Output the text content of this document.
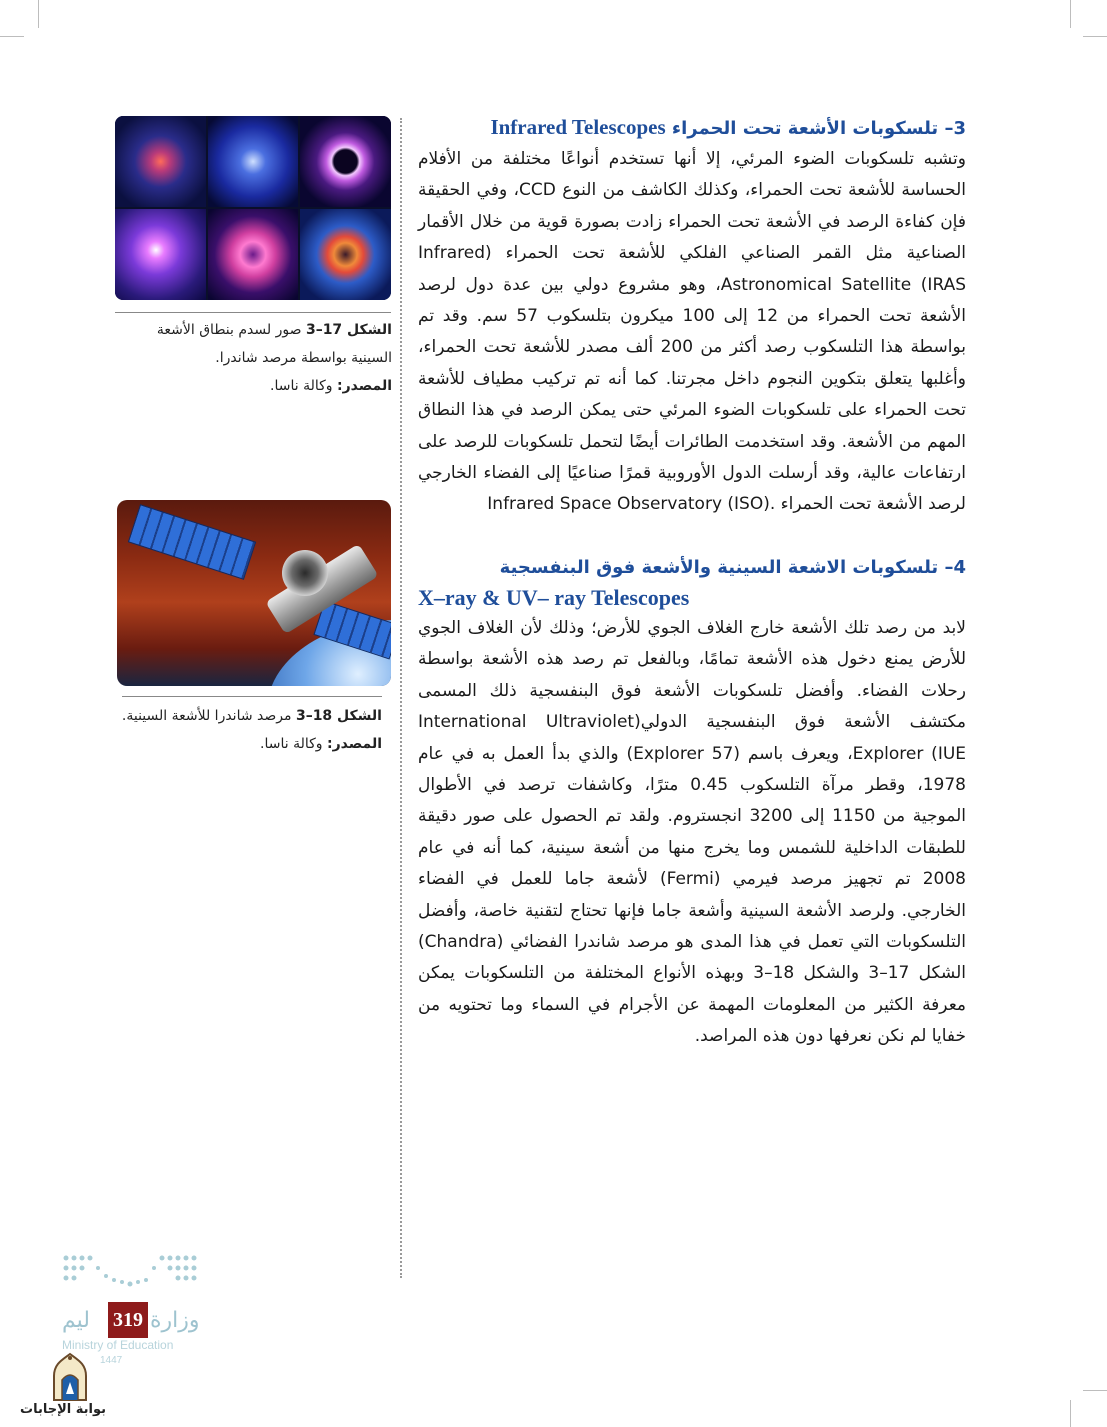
3– تلسكوبات الأشعة تحت الحمراء Infrared Telescopes

وتشبه تلسكوبات الضوء المرئي، إلا أنها تستخدم أنواعًا مختلفة من الأفلام الحساسة للأشعة تحت الحمراء، وكذلك الكاشف من النوع CCD، وفي الحقيقة فإن كفاءة الرصد في الأشعة تحت الحمراء زادت بصورة قوية من خلال الأقمار الصناعية مثل القمر الصناعي الفلكي للأشعة تحت الحمراء (Infrared Astronomical Satellite (IRAS، وهو مشروع دولي بين عدة دول لرصد الأشعة تحت الحمراء من 12 إلى 100 ميكرون بتلسكوب 57 سم. وقد تم بواسطة هذا التلسكوب رصد أكثر من 200 ألف مصدر للأشعة تحت الحمراء، وأغلبها يتعلق بتكوين النجوم داخل مجرتنا. كما أنه تم تركيب مطياف للأشعة تحت الحمراء على تلسكوبات الضوء المرئي حتى يمكن الرصد في هذا النطاق المهم من الأشعة. وقد استخدمت الطائرات أيضًا لتحمل تلسكوبات للرصد على ارتفاعات عالية، وقد أرسلت الدول الأوروبية قمرًا صناعيًا إلى الفضاء الخارجي لرصد الأشعة تحت الحمراء .Infrared Space Observatory (ISO)

4– تلسكوبات الاشعة السينية والأشعة فوق البنفسجية
X–ray & UV– ray Telescopes

لابد من رصد تلك الأشعة خارج الغلاف الجوي للأرض؛ وذلك لأن الغلاف الجوي للأرض يمنع دخول هذه الأشعة تمامًا، وبالفعل تم رصد هذه الأشعة بواسطة رحلات الفضاء. وأفضل تلسكوبات الأشعة فوق البنفسجية ذلك المسمى مكتشف الأشعة فوق البنفسجية الدولي(International Ultraviolet Explorer (IUE، ويعرف باسم (Explorer 57) والذي بدأ العمل به في عام 1978، وقطر مرآة التلسكوب 0.45 مترًا، وكاشفات ترصد في الأطوال الموجية من 1150 إلى 3200 انجستروم. ولقد تم الحصول على صور دقيقة للطبقات الداخلية للشمس وما يخرج منها من أشعة سينية، كما أنه في عام 2008 تم تجهيز مرصد فيرمي (Fermi) لأشعة جاما للعمل في الفضاء الخارجي. ولرصد الأشعة السينية وأشعة جاما فإنها تحتاج لتقنية خاصة، وأفضل التلسكوبات التي تعمل في هذا المدى هو مرصد شاندرا الفضائي (Chandra) الشكل 17–3 والشكل 18–3 وبهذه الأنواع المختلفة من التلسكوبات يمكن معرفة الكثير من المعلومات المهمة عن الأجرام في السماء وما تحتويه من خفايا لم نكن نعرفها دون هذه المراصد.

الشكل 17–3 صور لسدم بنطاق الأشعة السينية بواسطة مرصد شاندرا.
المصدر: وكالة ناسا.
الشكل 18–3 مرصد شاندرا للأشعة السينية.
المصدر: وكالة ناسا.
ليم	وزارة
319
Ministry of Education
1447
بوابة الإجابات
